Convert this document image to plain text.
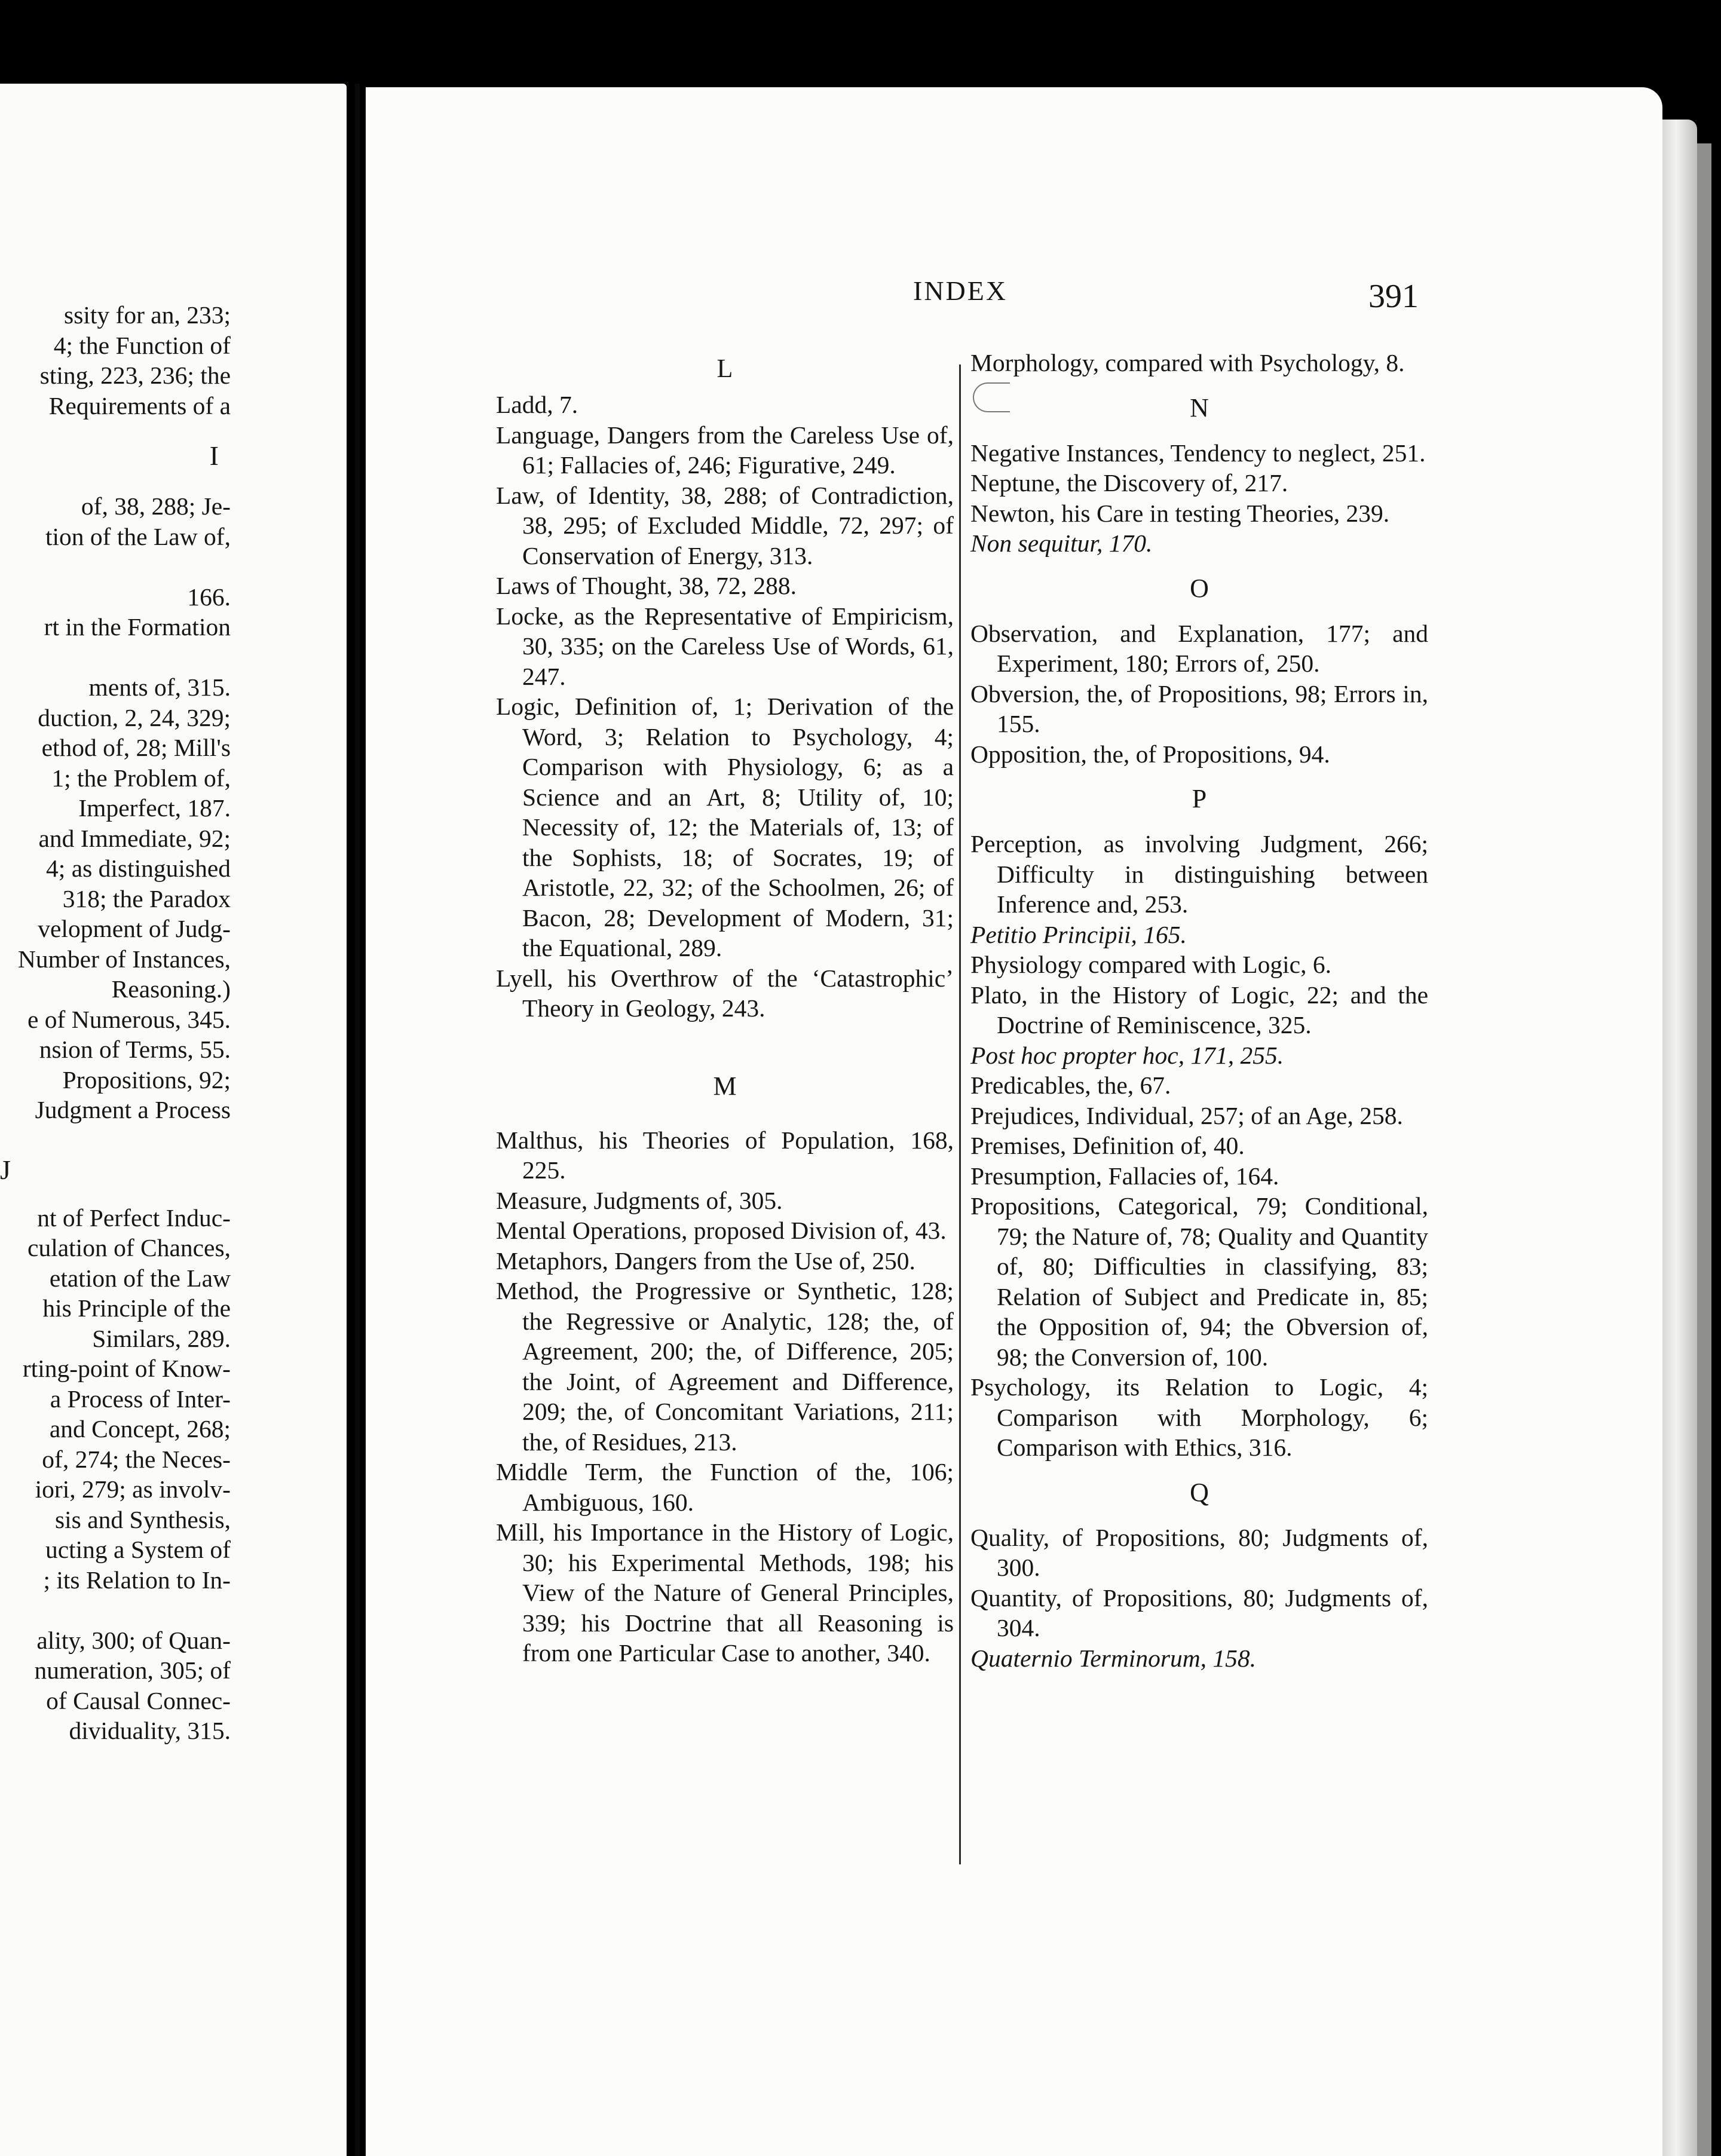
ssity for an, 233;
4; the Function of
sting, 223, 236; the
Requirements of a
I
of, 38, 288; Je-
tion of the Law of,
166.
rt in the Formation
ments of, 315.
duction, 2, 24, 329;
ethod of, 28; Mill's
1; the Problem of,
Imperfect, 187.
and Immediate, 92;
4; as distinguished
318; the Paradox
velopment of Judg-
Number of Instances,
Reasoning.)
e of Numerous, 345.
nsion of Terms, 55.
Propositions, 92;
Judgment a Process
J
nt of Perfect Induc-
culation of Chances,
etation of the Law
his Principle of the
Similars, 289.
rting-point of Know-
a Process of Inter-
and Concept, 268;
of, 274; the Neces-
iori, 279; as involv-
sis and Synthesis,
ucting a System of
; its Relation to In-
ality, 300; of Quan-
numeration, 305; of
of Causal Connec-
dividuality, 315.
INDEX	391
L

Ladd, 7.

Language, Dangers from the Careless Use of, 61; Fallacies of, 246; Figurative, 249.

Law, of Identity, 38, 288; of Contradiction, 38, 295; of Excluded Middle, 72, 297; of Conservation of Energy, 313.

Laws of Thought, 38, 72, 288.

Locke, as the Representative of Empiricism, 30, 335; on the Careless Use of Words, 61, 247.

Logic, Definition of, 1; Derivation of the Word, 3; Relation to Psychology, 4; Comparison with Physiology, 6; as a Science and an Art, 8; Utility of, 10; Necessity of, 12; the Materials of, 13; of the Sophists, 18; of Socrates, 19; of Aristotle, 22, 32; of the Schoolmen, 26; of Bacon, 28; Development of Modern, 31; the Equational, 289.

Lyell, his Overthrow of the ‘Catastrophic’ Theory in Geology, 243.

M

Malthus, his Theories of Population, 168, 225.

Measure, Judgments of, 305.

Mental Operations, proposed Division of, 43.

Metaphors, Dangers from the Use of, 250.

Method, the Progressive or Synthetic, 128; the Regressive or Analytic, 128; the, of Agreement, 200; the, of Difference, 205; the Joint, of Agreement and Difference, 209; the, of Concomitant Variations, 211; the, of Residues, 213.

Middle Term, the Function of the, 106; Ambiguous, 160.

Mill, his Importance in the History of Logic, 30; his Experimental Methods, 198; his View of the Nature of General Principles, 339; his Doctrine that all Reasoning is from one Particular Case to another, 340.

Morphology, compared with Psychology, 8.

N

Negative Instances, Tendency to neglect, 251.

Neptune, the Discovery of, 217.

Newton, his Care in testing Theories, 239.

Non sequitur, 170.

O

Observation, and Explanation, 177; and Experiment, 180; Errors of, 250.

Obversion, the, of Propositions, 98; Errors in, 155.

Opposition, the, of Propositions, 94.

P

Perception, as involving Judgment, 266; Difficulty in distinguishing between Inference and, 253.

Petitio Principii, 165.

Physiology compared with Logic, 6.

Plato, in the History of Logic, 22; and the Doctrine of Reminiscence, 325.

Post hoc propter hoc, 171, 255.

Predicables, the, 67.

Prejudices, Individual, 257; of an Age, 258.

Premises, Definition of, 40.

Presumption, Fallacies of, 164.

Propositions, Categorical, 79; Conditional, 79; the Nature of, 78; Quality and Quantity of, 80; Difficulties in classifying, 83; Relation of Subject and Predicate in, 85; the Opposition of, 94; the Obversion of, 98; the Conversion of, 100.

Psychology, its Relation to Logic, 4; Comparison with Morphology, 6; Comparison with Ethics, 316.

Q

Quality, of Propositions, 80; Judgments of, 300.

Quantity, of Propositions, 80; Judgments of, 304.

Quaternio Terminorum, 158.
